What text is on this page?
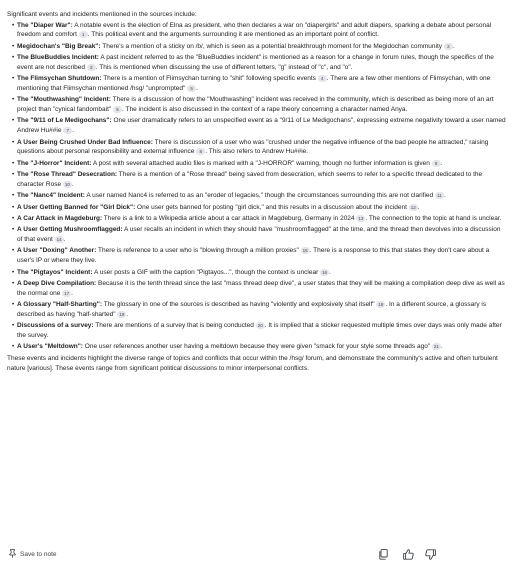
Significant events and incidents mentioned in the sources include:
• The "Diaper War": A notable event is the election of Elna as president, who then declares a war on "diapergirls" and adult diapers, sparking a debate about personal freedom and comfort 1 . This political event and the arguments surrounding it are mentioned as an important point of conflict.
• Megidochan's "Big Break": There's a mention of a sticky on /b/, which is seen as a potential breakthrough moment for the Megidochan community 2 .
• The BlueBuddies Incident: A past incident referred to as the "BlueBuddies incident" is mentioned as a reason for a change in forum rules, though the specifics of the event are not described 3 . This is mentioned when discussing the use of different letters, "g" instead of "c", and "o".
• The Flimsychan Shutdown: There is a mention of Flimsychan turning to "shit" following specific events 4 . There are a few other mentions of Flimsychan, with one mentioning that Flimsychan mentioned /hsg/ "unprompted" 5 .
• The "Mouthwashing" Incident: There is a discussion of how the "Mouthwashing" incident was received in the community, which is described as being more of an art project than "cynical fandombait" 6 . The incident is also discussed in the context of a rape theory concerning a character named Anya.
• The "9/11 of Le Medigochans": One user dramatically refers to an unspecified event as a "9/11 of Le Medigochans", expressing extreme negativity toward a user named Andrew Hu##ie 7 .
• A User Being Crushed Under Bad Influence: There is discussion of a user who was "crushed under the negative influence of the bad people he attracted," raising questions about personal responsibility and external influence 8 . This also refers to Andrew Hu##ie.
• The "J-Horror" Incident: A post with several attached audio files is marked with a "J-HORROR" warning, though no further information is given 9 .
• The "Rose Thread" Desecration: There is a mention of a "Rose thread" being saved from desecration, which seems to refer to a specific thread dedicated to the character Rose 10 .
• The "Nanc4" Incident: A user named Nanc4 is referred to as an "eroder of legacies," though the circumstances surrounding this are not clarified 11 .
• A User Getting Banned for "Girl Dick": One user gets banned for posting "girl dick," and this results in a discussion about the incident 12 .
• A Car Attack in Magdeburg: There is a link to a Wikipedia article about a car attack in Magdeburg, Germany in 2024 13 . The connection to the topic at hand is unclear.
• A User Getting Mushroomflagged: A user recalls an incident in which they should have "mushroomflagged" at the time, and the thread then devolves into a discussion of that event 14 .
• A User "Doxing" Another: There is reference to a user who is "blowing through a million proxies" 15 . There is a response to this that states they don't care about a user's IP or where they live.
• The "Pigtayos" Incident: A user posts a GIF with the caption "Pigtayos...", though the context is unclear 16 .
• A Deep Dive Compilation: Because it is the tenth thread since the last "mass thread deep dive", a user states that they will be making a compilation deep dive as well as the normal one 17 .
• A Glossary "Half-Sharting": The glossary in one of the sources is described as having "violently and explosively shat itself" 18 . In a different source, a glossary is described as having "half-sharted" 19 .
• Discussions of a survey: There are mentions of a survey that is being conducted 20 . It is implied that a sticker requested multiple times over days was only made after the survey.
• A User's "Meltdown": One user references another user having a meltdown because they were given "smack for your style some threads ago" 21 .
These events and incidents highlight the diverse range of topics and conflicts that occur within the /hsg/ forum, and demonstrate the community's active and often turbulent nature [various]. These events range from significant political discussions to minor interpersonal conflicts.
Save to note
